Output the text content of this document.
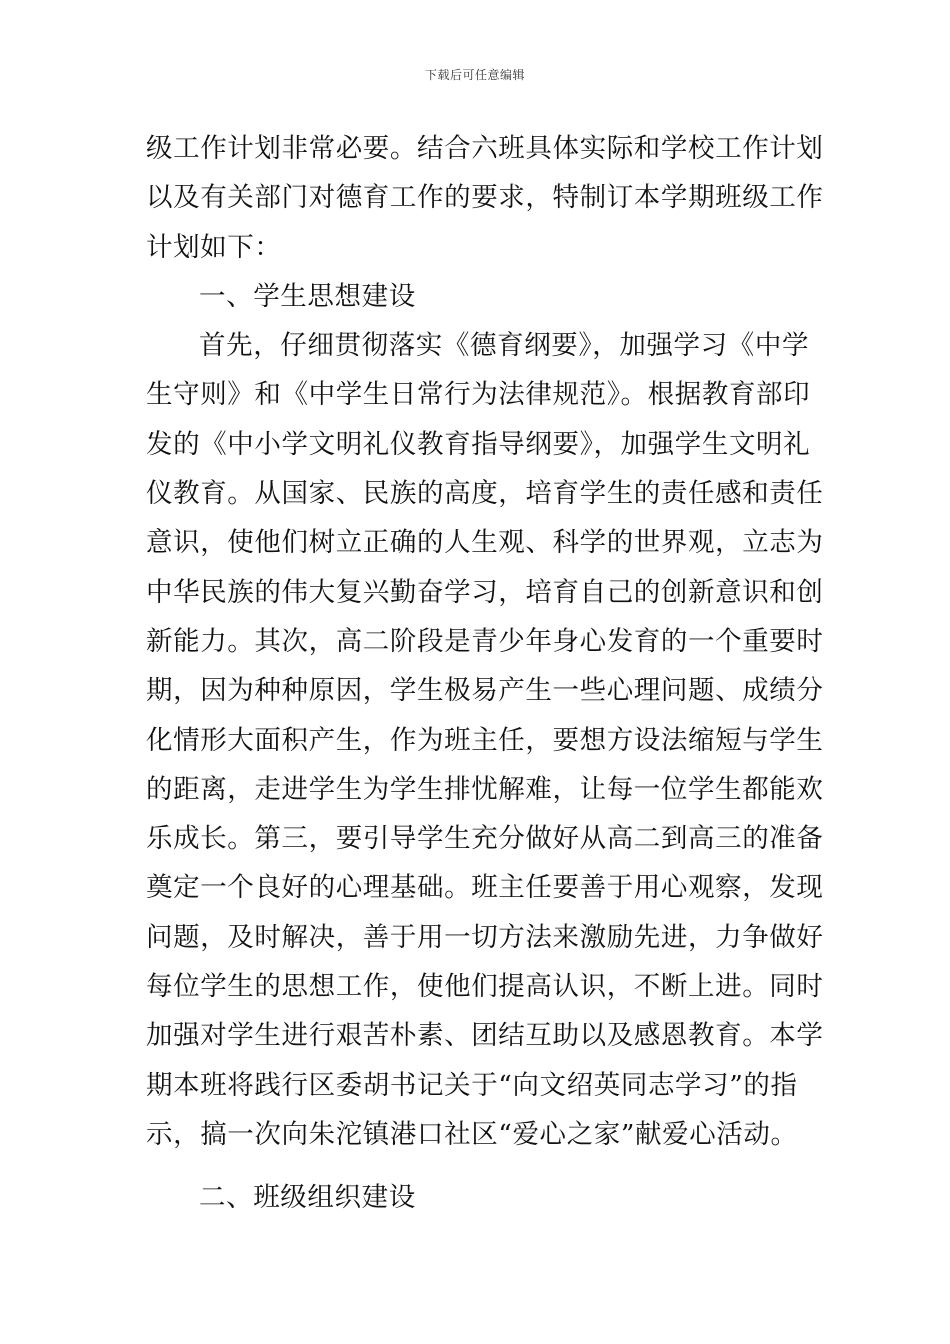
下载后可任意编辑
级工作计划非常必要。结合六班具体实际和学校工作计划
以及有关部门对德育工作的要求，特制订本学期班级工作
计划如下：
一、学生思想建设
首先，仔细贯彻落实《德育纲要》，加强学习《中学
生守则》和《中学生日常行为法律规范》。根据教育部印
发的《中小学文明礼仪教育指导纲要》，加强学生文明礼
仪教育。从国家、民族的高度，培育学生的责任感和责任
意识，使他们树立正确的人生观、科学的世界观，立志为
中华民族的伟大复兴勤奋学习，培育自己的创新意识和创
新能力。其次，高二阶段是青少年身心发育的一个重要时
期，因为种种原因，学生极易产生一些心理问题、成绩分
化情形大面积产生，作为班主任，要想方设法缩短与学生
的距离，走进学生为学生排忧解难，让每一位学生都能欢
乐成长。第三，要引导学生充分做好从高二到高三的准备
奠定一个良好的心理基础。班主任要善于用心观察，发现
问题，及时解决，善于用一切方法来激励先进，力争做好
每位学生的思想工作，使他们提高认识，不断上进。同时
加强对学生进行艰苦朴素、团结互助以及感恩教育。本学
期本班将践行区委胡书记关于“向文绍英同志学习”的指
示，搞一次向朱沱镇港口社区“爱心之家”献爱心活动。
二、班级组织建设
